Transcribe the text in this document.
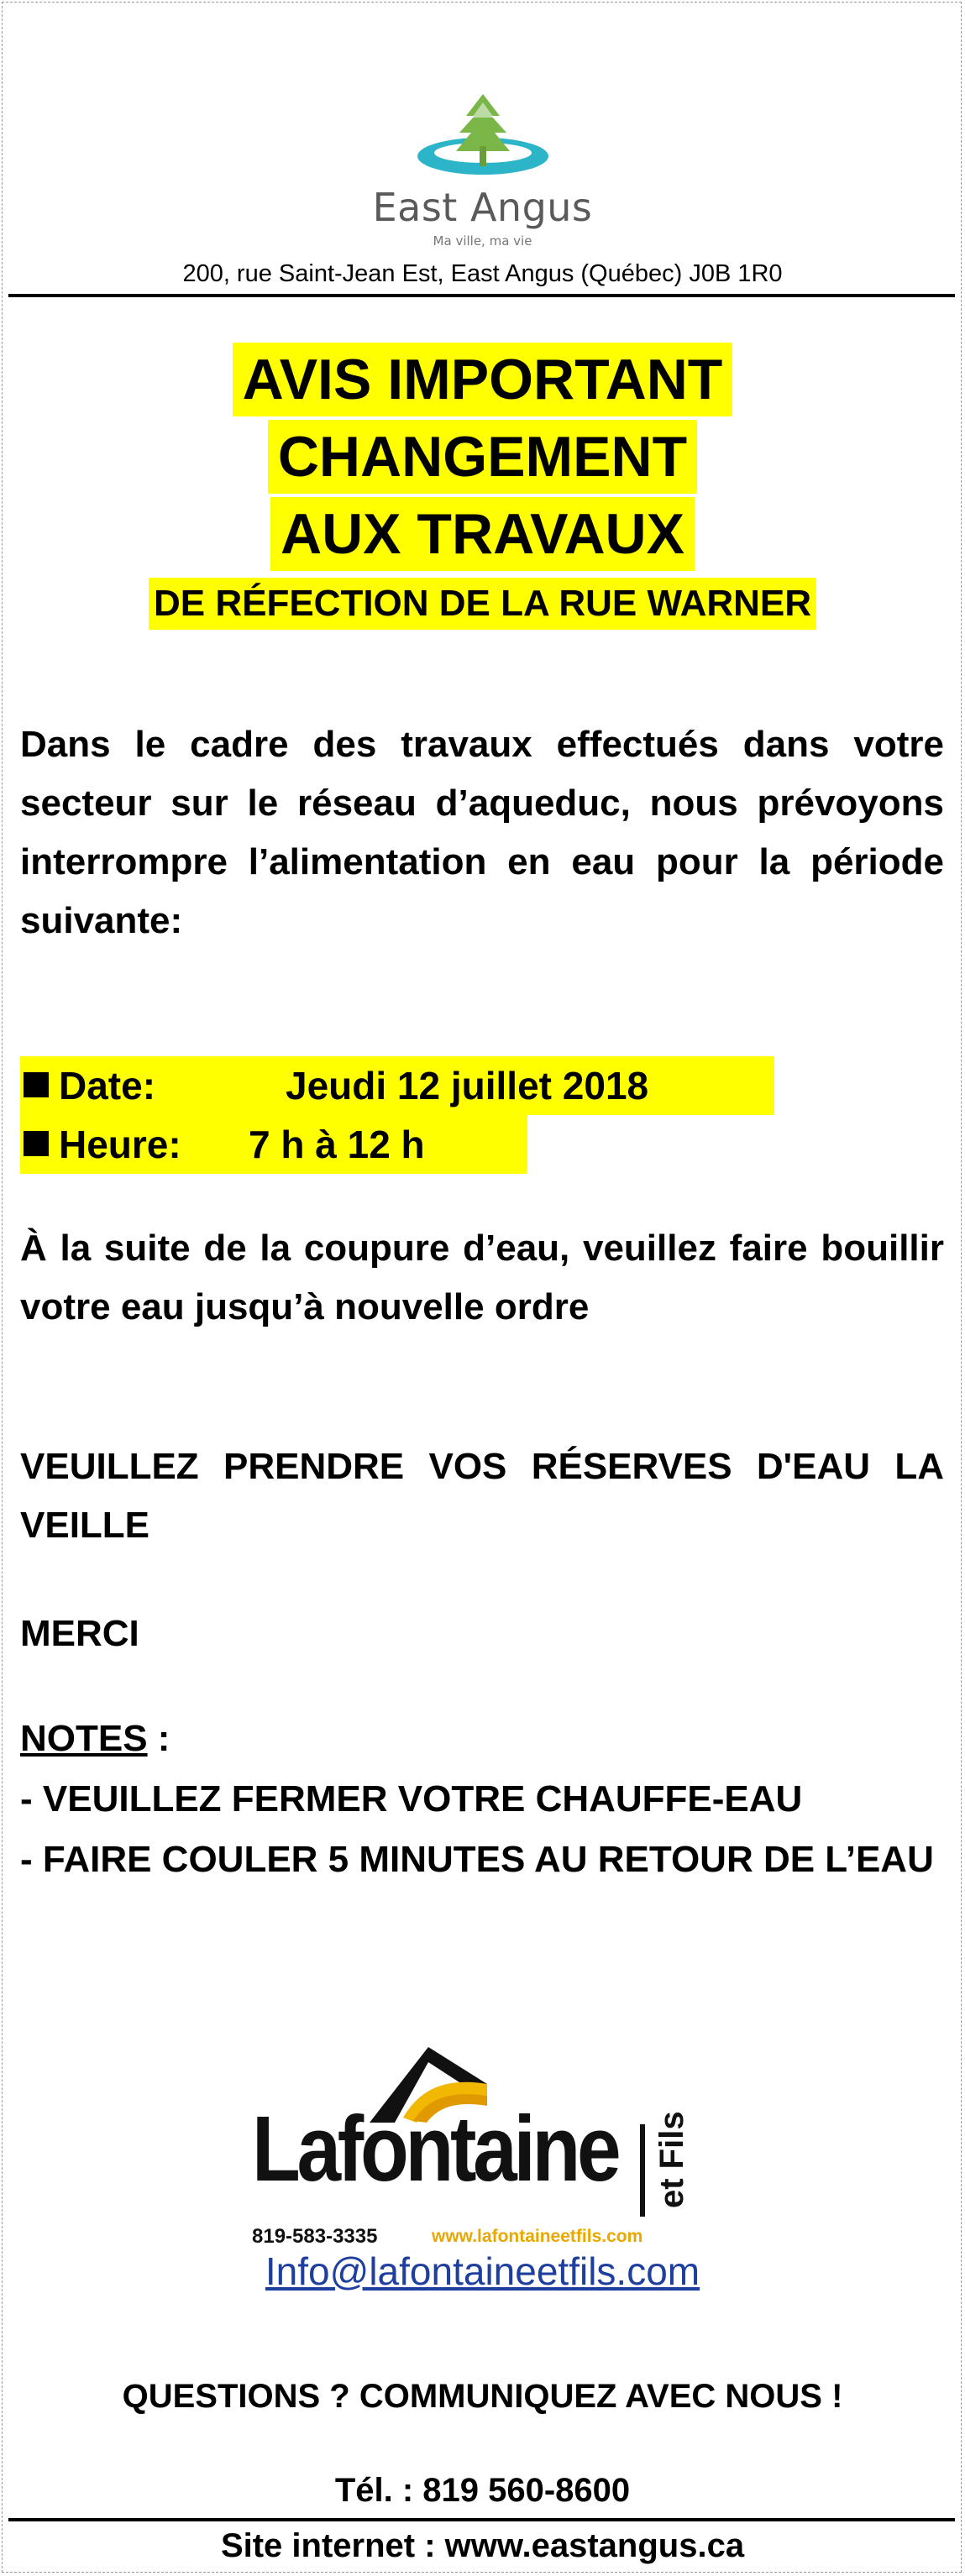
East Angus
Ma ville, ma vie
200, rue Saint-Jean Est, East Angus (Québec) J0B 1R0
AVIS IMPORTANT
CHANGEMENT
AUX TRAVAUX
DE RÉFECTION DE LA RUE WARNER
Dans le cadre des travaux effectués dans votre secteur sur le réseau d’aqueduc, nous prévoyons interrompre l’alimentation en eau pour la période suivante:
Date:	Jeudi 12 juillet 2018
Heure: 7 h à 12 h
À la suite de la coupure d’eau, veuillez faire bouillir votre eau jusqu’à nouvelle ordre
VEUILLEZ PRENDRE VOS RÉSERVES D'EAU LA VEILLE
MERCI
NOTES :
- VEUILLEZ FERMER VOTRE CHAUFFE-EAU
- FAIRE COULER 5 MINUTES AU RETOUR DE L’EAU
Lafontaine et Fils
819-583-3335	www.lafontaineetfils.com
Info@lafontaineetfils.com
QUESTIONS ? COMMUNIQUEZ AVEC NOUS !
Tél. : 819 560-8600
Site internet : www.eastangus.ca
